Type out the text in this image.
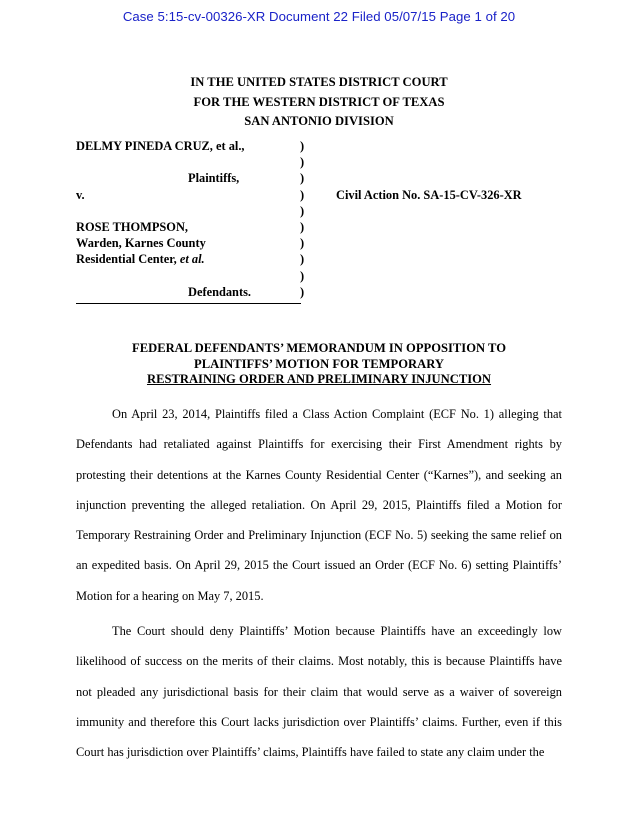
Case 5:15-cv-00326-XR Document 22 Filed 05/07/15 Page 1 of 20
IN THE UNITED STATES DISTRICT COURT
FOR THE WESTERN DISTRICT OF TEXAS
SAN ANTONIO DIVISION
DELMY PINEDA CRUZ, et al.,	)
)
Plaintiffs,	)
v.	)	Civil Action No. SA-15-CV-326-XR
)
ROSE THOMPSON,	)
Warden, Karnes County	)
Residential Center, et al.	)
)
Defendants.	)
FEDERAL DEFENDANTS’ MEMORANDUM IN OPPOSITION TO
PLAINTIFFS’ MOTION FOR TEMPORARY
RESTRAINING ORDER AND PRELIMINARY INJUNCTION

On April 23, 2014, Plaintiffs filed a Class Action Complaint (ECF No. 1) alleging that Defendants had retaliated against Plaintiffs for exercising their First Amendment rights by protesting their detentions at the Karnes County Residential Center (“Karnes”), and seeking an injunction preventing the alleged retaliation. On April 29, 2015, Plaintiffs filed a Motion for Temporary Restraining Order and Preliminary Injunction (ECF No. 5) seeking the same relief on an expedited basis. On April 29, 2015 the Court issued an Order (ECF No. 6) setting Plaintiffs’ Motion for a hearing on May 7, 2015.

The Court should deny Plaintiffs’ Motion because Plaintiffs have an exceedingly low likelihood of success on the merits of their claims. Most notably, this is because Plaintiffs have not pleaded any jurisdictional basis for their claim that would serve as a waiver of sovereign immunity and therefore this Court lacks jurisdiction over Plaintiffs’ claims. Further, even if this Court has jurisdiction over Plaintiffs’ claims, Plaintiffs have failed to state any claim under the
